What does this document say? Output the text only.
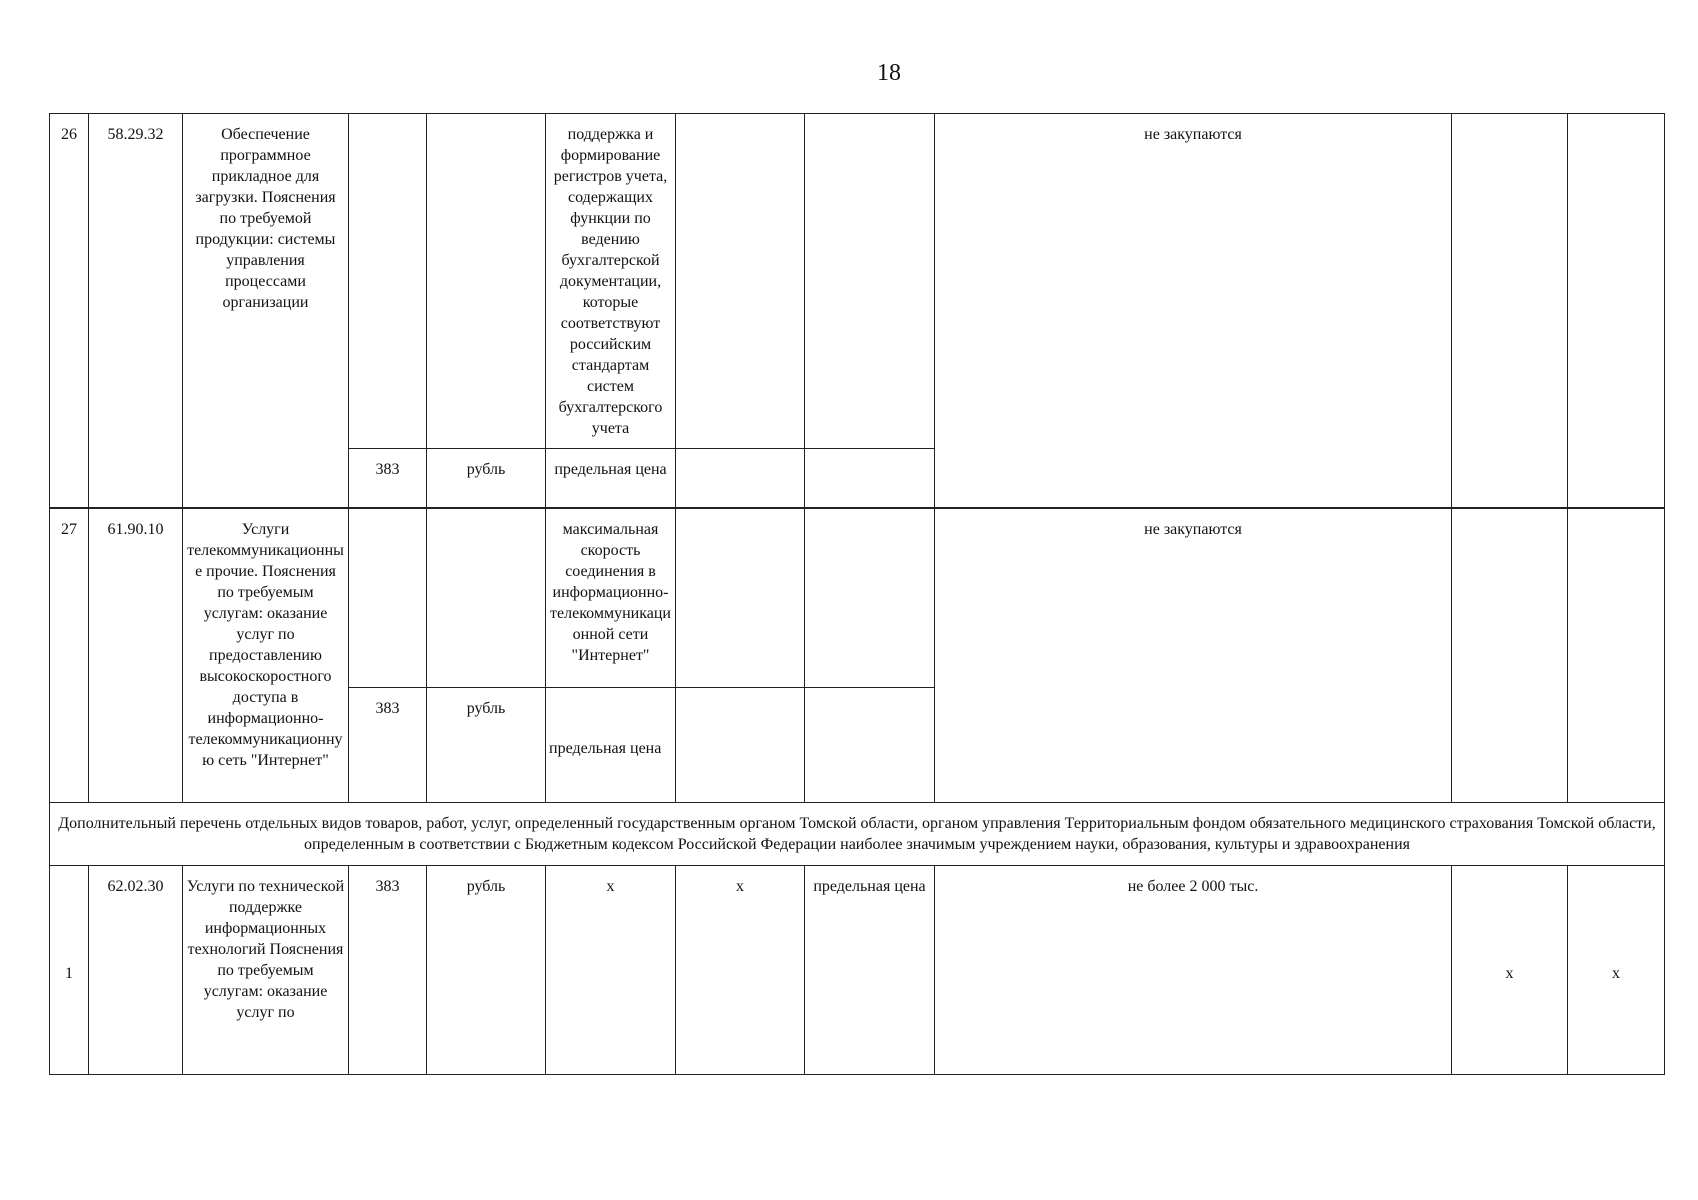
18
26	58.29.32	Обеспечение программное прикладное для загрузки. Пояснения по требуемой продукции: системы управления процессами организации			поддержка и формирование регистров учета, содержащих функции по ведению бухгалтерской документации, которые соответствуют российским стандартам систем бухгалтерского учета			не закупаются		
			383	рубль	предельная цена					
27	61.90.10	Услуги телекоммуникационные прочие. Пояснения по требуемым услугам: оказание услуг по предоставлению высокоскоростного доступа в информационно-телекоммуникационную сеть "Интернет"			максимальная скорость соединения в информационно-телекоммуникационной сети "Интернет"			не закупаются		
			383	рубль	предельная цена					
Дополнительный перечень отдельных видов товаров, работ, услуг, определенный государственным органом Томской области, органом управления Территориальным фондом обязательного медицинского страхования Томской области, определенным в соответствии с Бюджетным кодексом Российской Федерации наиболее значимым учреждением науки, образования, культуры и здравоохранения										
1	62.02.30	Услуги по технической поддержке информационных технологий Пояснения по требуемым услугам: оказание услуг по	383	рубль	х	х	предельная цена	не более 2 000 тыс.	х	х
